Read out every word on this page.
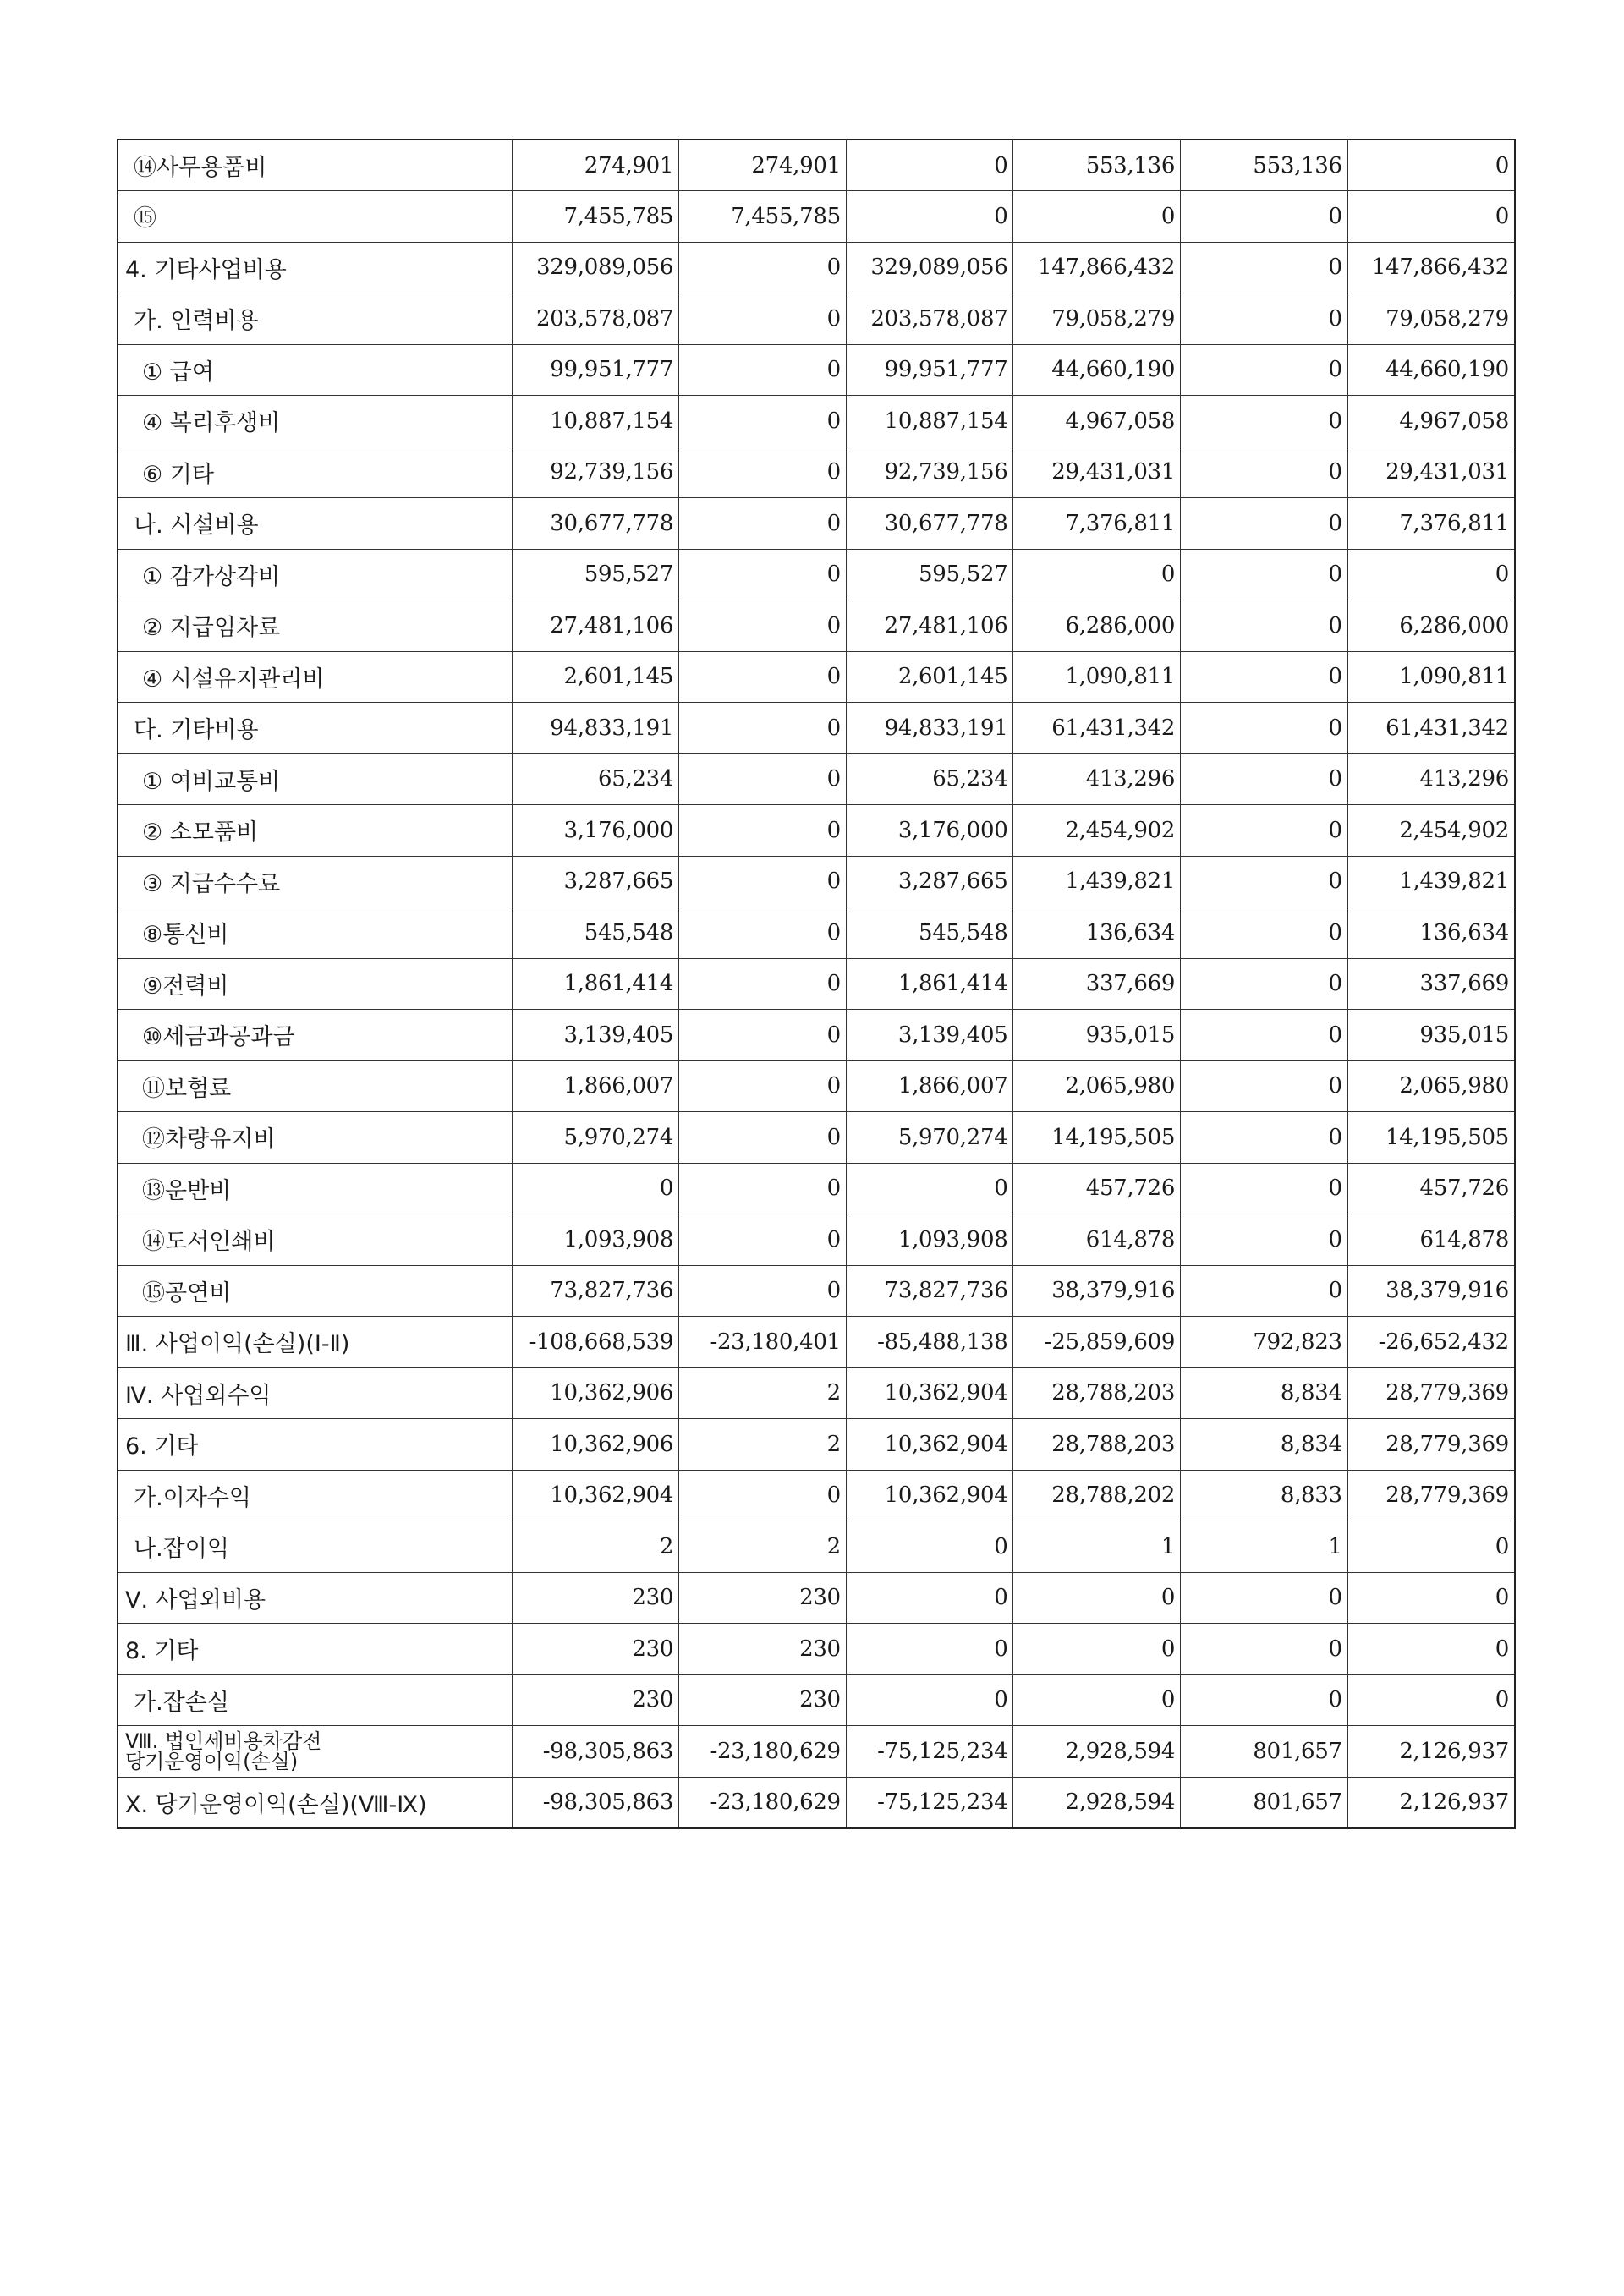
⑭사무용품비	274,901	274,901	0	553,136	553,136	0
⑮	7,455,785	7,455,785	0	0	0	0
4. 기타사업비용	329,089,056	0	329,089,056	147,866,432	0	147,866,432
가. 인력비용	203,578,087	0	203,578,087	79,058,279	0	79,058,279
① 급여	99,951,777	0	99,951,777	44,660,190	0	44,660,190
④ 복리후생비	10,887,154	0	10,887,154	4,967,058	0	4,967,058
⑥ 기타	92,739,156	0	92,739,156	29,431,031	0	29,431,031
나. 시설비용	30,677,778	0	30,677,778	7,376,811	0	7,376,811
① 감가상각비	595,527	0	595,527	0	0	0
② 지급임차료	27,481,106	0	27,481,106	6,286,000	0	6,286,000
④ 시설유지관리비	2,601,145	0	2,601,145	1,090,811	0	1,090,811
다. 기타비용	94,833,191	0	94,833,191	61,431,342	0	61,431,342
① 여비교통비	65,234	0	65,234	413,296	0	413,296
② 소모품비	3,176,000	0	3,176,000	2,454,902	0	2,454,902
③ 지급수수료	3,287,665	0	3,287,665	1,439,821	0	1,439,821
⑧통신비	545,548	0	545,548	136,634	0	136,634
⑨전력비	1,861,414	0	1,861,414	337,669	0	337,669
⑩세금과공과금	3,139,405	0	3,139,405	935,015	0	935,015
⑪보험료	1,866,007	0	1,866,007	2,065,980	0	2,065,980
⑫차량유지비	5,970,274	0	5,970,274	14,195,505	0	14,195,505
⑬운반비	0	0	0	457,726	0	457,726
⑭도서인쇄비	1,093,908	0	1,093,908	614,878	0	614,878
⑮공연비	73,827,736	0	73,827,736	38,379,916	0	38,379,916
Ⅲ. 사업이익(손실)(Ⅰ-Ⅱ)	-108,668,539	-23,180,401	-85,488,138	-25,859,609	792,823	-26,652,432
Ⅳ. 사업외수익	10,362,906	2	10,362,904	28,788,203	8,834	28,779,369
6. 기타	10,362,906	2	10,362,904	28,788,203	8,834	28,779,369
가.이자수익	10,362,904	0	10,362,904	28,788,202	8,833	28,779,369
나.잡이익	2	2	0	1	1	0
Ⅴ. 사업외비용	230	230	0	0	0	0
8. 기타	230	230	0	0	0	0
가.잡손실	230	230	0	0	0	0

Ⅷ. 법인세비용차감전
당기운영이익(손실)	-98,305,863	-23,180,629	-75,125,234	2,928,594	801,657	2,126,937
Ⅹ. 당기운영이익(손실)(Ⅷ-Ⅸ)	-98,305,863	-23,180,629	-75,125,234	2,928,594	801,657	2,126,937
